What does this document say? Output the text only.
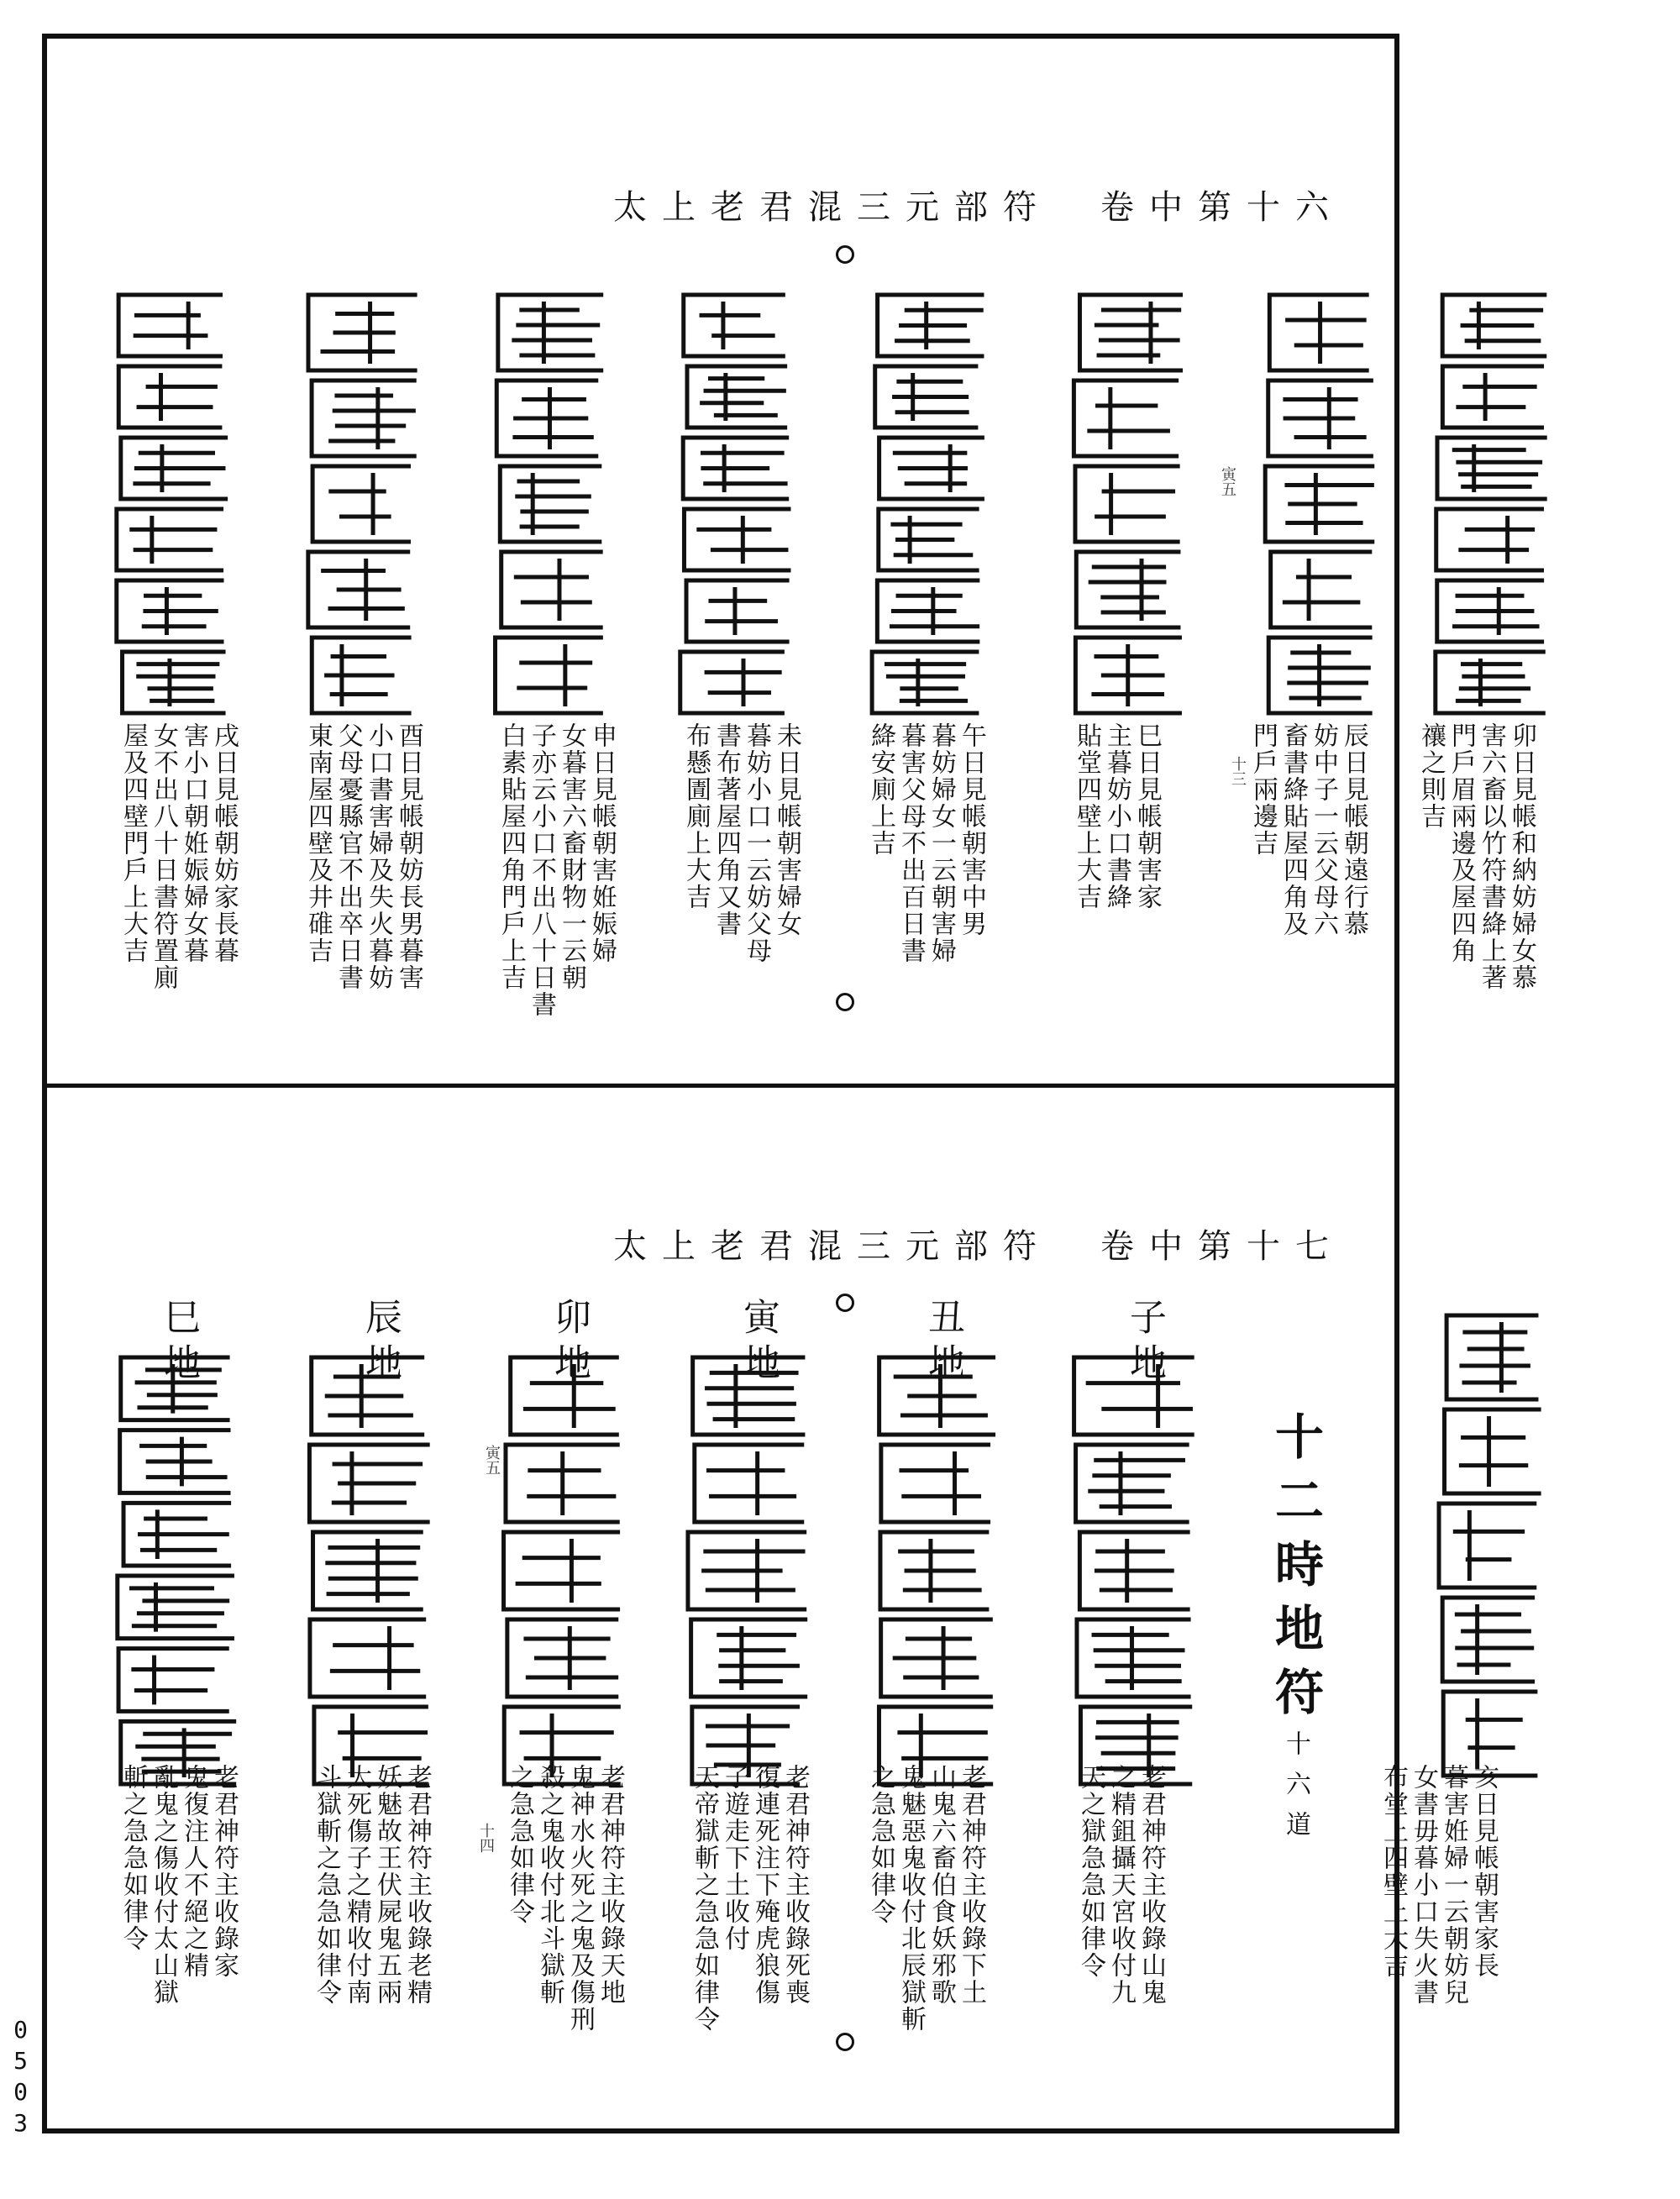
太上老君混三元部符　卷中第十六
寅五
卯日見帳和納妨婦女慕
害六畜以竹符書絳上著
門戶眉兩邊及屋四角
禳之則吉
辰日見帳朝遠行慕
妨中子一云父母六
畜書絳貼屋四角及
門戶兩邊吉
十三
巳日見帳朝害家
主暮妨小口書絳
貼堂四壁上大吉
午日見帳朝害中男
暮妨婦女一云朝害婦
暮害父母不出百日書
絳安廁上吉
未日見帳朝害婦女
暮妨小口一云妨父母
書布著屋四角又書
布懸圊廁上大吉
申日見帳朝害姙娠婦
女暮害六畜財物一云朝
子亦云小口不出八十日書
白素貼屋四角門戶上吉
酉日見帳朝妨長男暮害
小口書害婦及失火暮妨
父母憂縣官不出卒日書
東南屋四壁及井碓吉
戌日見帳朝妨家長暮
害小口朝姙娠婦女暮
女不出八十日書符置廁
屋及四壁門戶上大吉
太上老君混三元部符　卷中第十七
亥日見帳朝害家長
暮害姙婦一云朝妨兒
女書毋暮小口失火書
布堂上四壁上大吉
十二時地符十六道
子地
丑地
寅地
卯地
辰地
巳地
寅五
老君神符主收錄山鬼
之精鉏攝天宮收付九
天之獄急急如律令
老君神符主收錄下土
山鬼六畜伯食妖邪歌
鬼魅惡鬼收付北辰獄斬
之急急如律令
老君神符主收錄死喪
復連死注下殗虎狼傷
子遊走下土收付
天帝獄斬之急急如律令
老君神符主收錄天地
鬼神水火死之鬼及傷刑
殺之鬼收付北斗獄斬
之急急如律令
十四
老君神符主收錄老精
妖魅故王伏屍鬼五兩
大死傷子之精收付南
斗獄斬之急急如律令
老君神符主收錄家
鬼復注人不絕之精
亂鬼之傷收付太山獄
斬之急急如律令
0503
